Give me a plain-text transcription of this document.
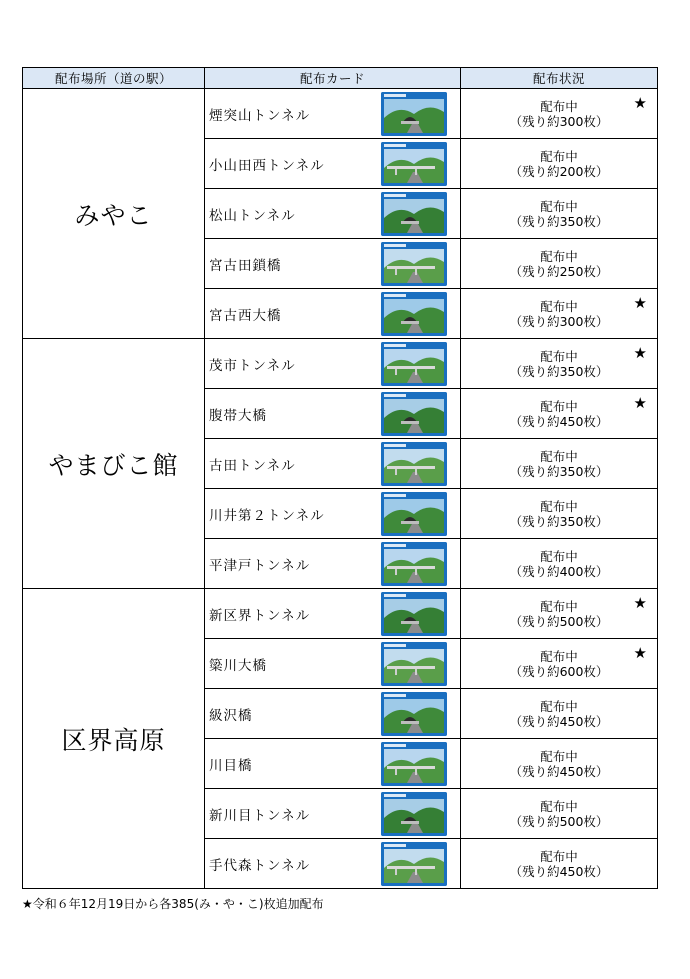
配布場所（道の駅）	配布カード	配布状況
みやこ	煙突山トンネル	配布中
（残り約300枚）
★

	小山田西トンネル	配布中
（残り約200枚）

	松山トンネル	配布中
（残り約350枚）

	宮古田鎖橋	配布中
（残り約250枚）

	宮古西大橋	配布中
（残り約300枚）
★

やまびこ館	茂市トンネル	配布中
（残り約350枚）
★

	腹帯大橋	配布中
（残り約450枚）
★

	古田トンネル	配布中
（残り約350枚）

	川井第２トンネル	配布中
（残り約350枚）

	平津戸トンネル	配布中
（残り約400枚）

区界高原	新区界トンネル	配布中
（残り約500枚）
★

	簗川大橋	配布中
（残り約600枚）
★

	級沢橋	配布中
（残り約450枚）

	川目橋	配布中
（残り約450枚）

	新川目トンネル	配布中
（残り約500枚）

	手代森トンネル	配布中
（残り約450枚）
★令和６年12月19日から各385(み・や・こ)枚追加配布
